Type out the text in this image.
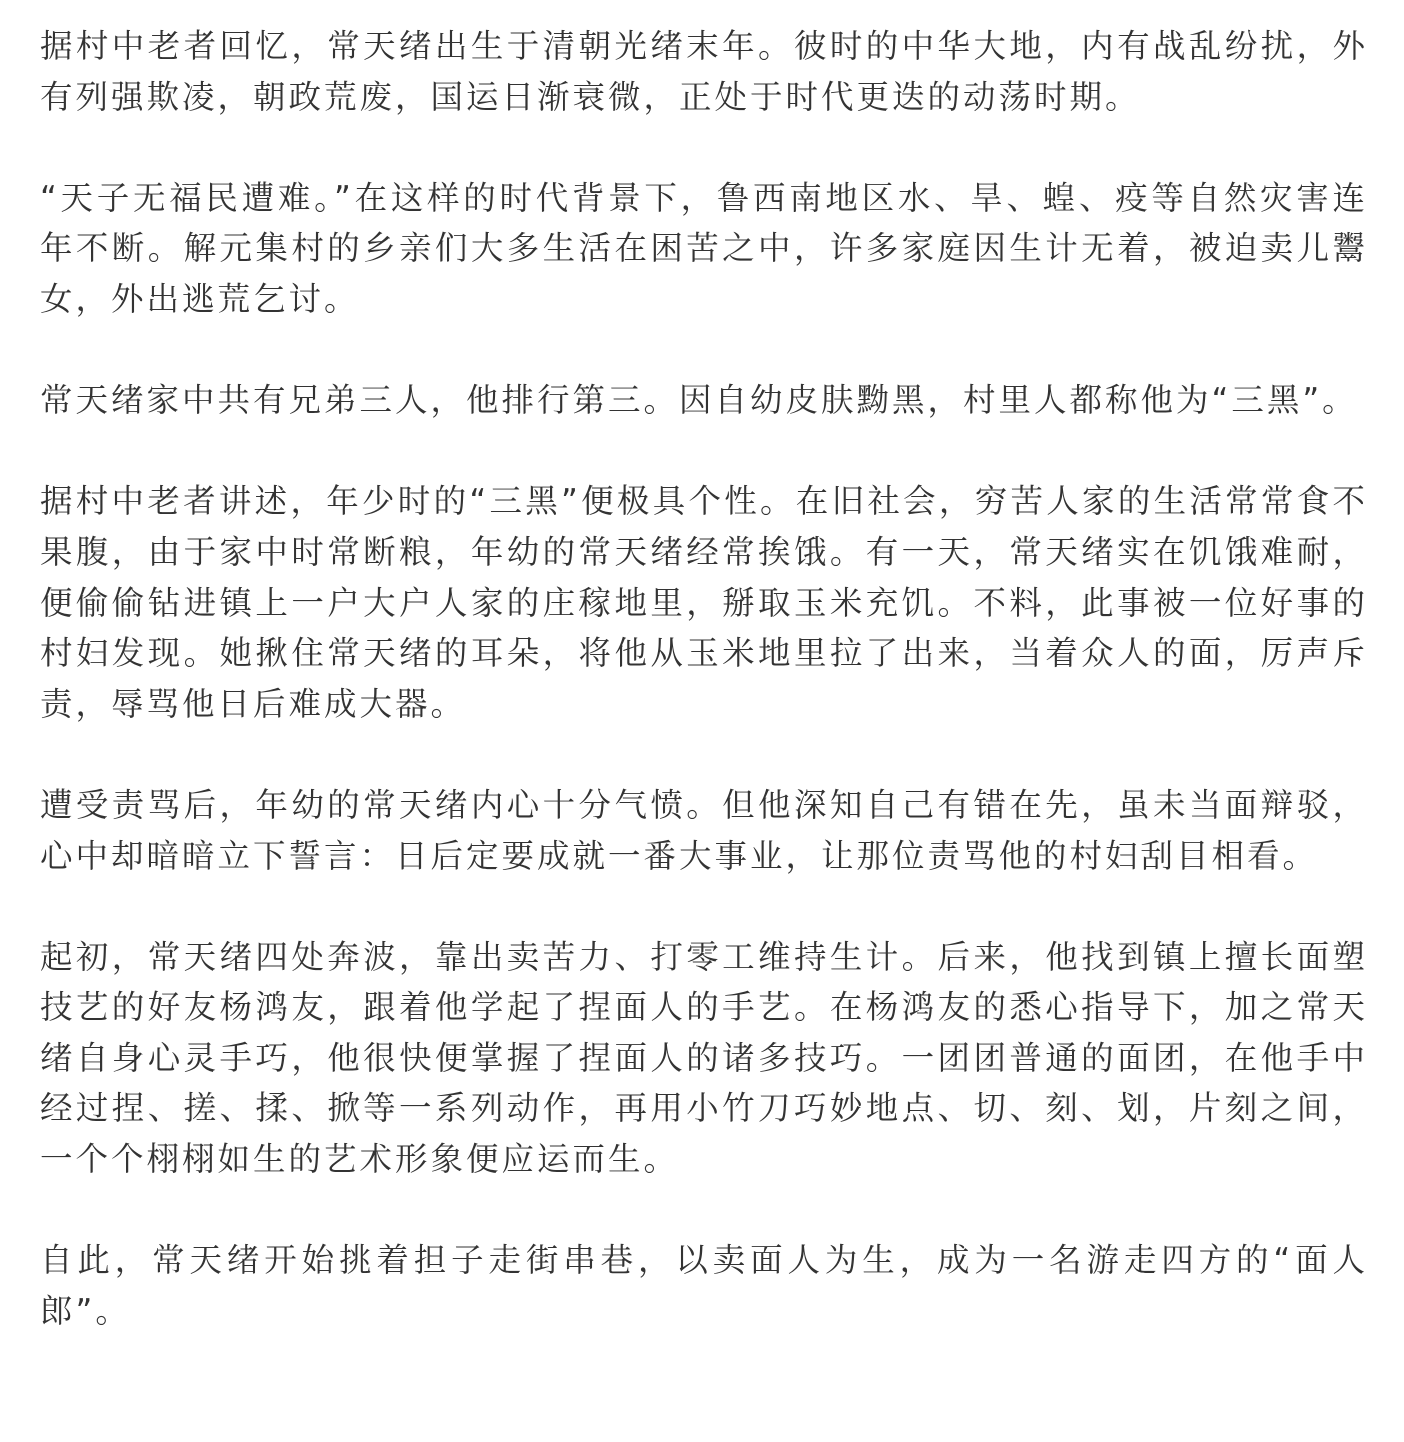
据村中老者回忆，常天绪出生于清朝光绪末年。彼时的中华大地，内有战乱纷扰，外有列强欺凌，朝政荒废，国运日渐衰微，正处于时代更迭的动荡时期。

“天子无福民遭难。”在这样的时代背景下，鲁西南地区水、旱、蝗、疫等自然灾害连年不断。解元集村的乡亲们大多生活在困苦之中，许多家庭因生计无着，被迫卖儿鬻女，外出逃荒乞讨。

常天绪家中共有兄弟三人，他排行第三。因自幼皮肤黝黑，村里人都称他为“三黑”。

据村中老者讲述，年少时的“三黑”便极具个性。在旧社会，穷苦人家的生活常常食不果腹，由于家中时常断粮，年幼的常天绪经常挨饿。有一天，常天绪实在饥饿难耐，便偷偷钻进镇上一户大户人家的庄稼地里，掰取玉米充饥。不料，此事被一位好事的村妇发现。她揪住常天绪的耳朵，将他从玉米地里拉了出来，当着众人的面，厉声斥责，辱骂他日后难成大器。

遭受责骂后，年幼的常天绪内心十分气愤。但他深知自己有错在先，虽未当面辩驳，心中却暗暗立下誓言：日后定要成就一番大事业，让那位责骂他的村妇刮目相看。

起初，常天绪四处奔波，靠出卖苦力、打零工维持生计。后来，他找到镇上擅长面塑技艺的好友杨鸿友，跟着他学起了捏面人的手艺。在杨鸿友的悉心指导下，加之常天绪自身心灵手巧，他很快便掌握了捏面人的诸多技巧。一团团普通的面团，在他手中经过捏、搓、揉、掀等一系列动作，再用小竹刀巧妙地点、切、刻、划，片刻之间，一个个栩栩如生的艺术形象便应运而生。

自此，常天绪开始挑着担子走街串巷，以卖面人为生，成为一名游走四方的“面人郎”。
